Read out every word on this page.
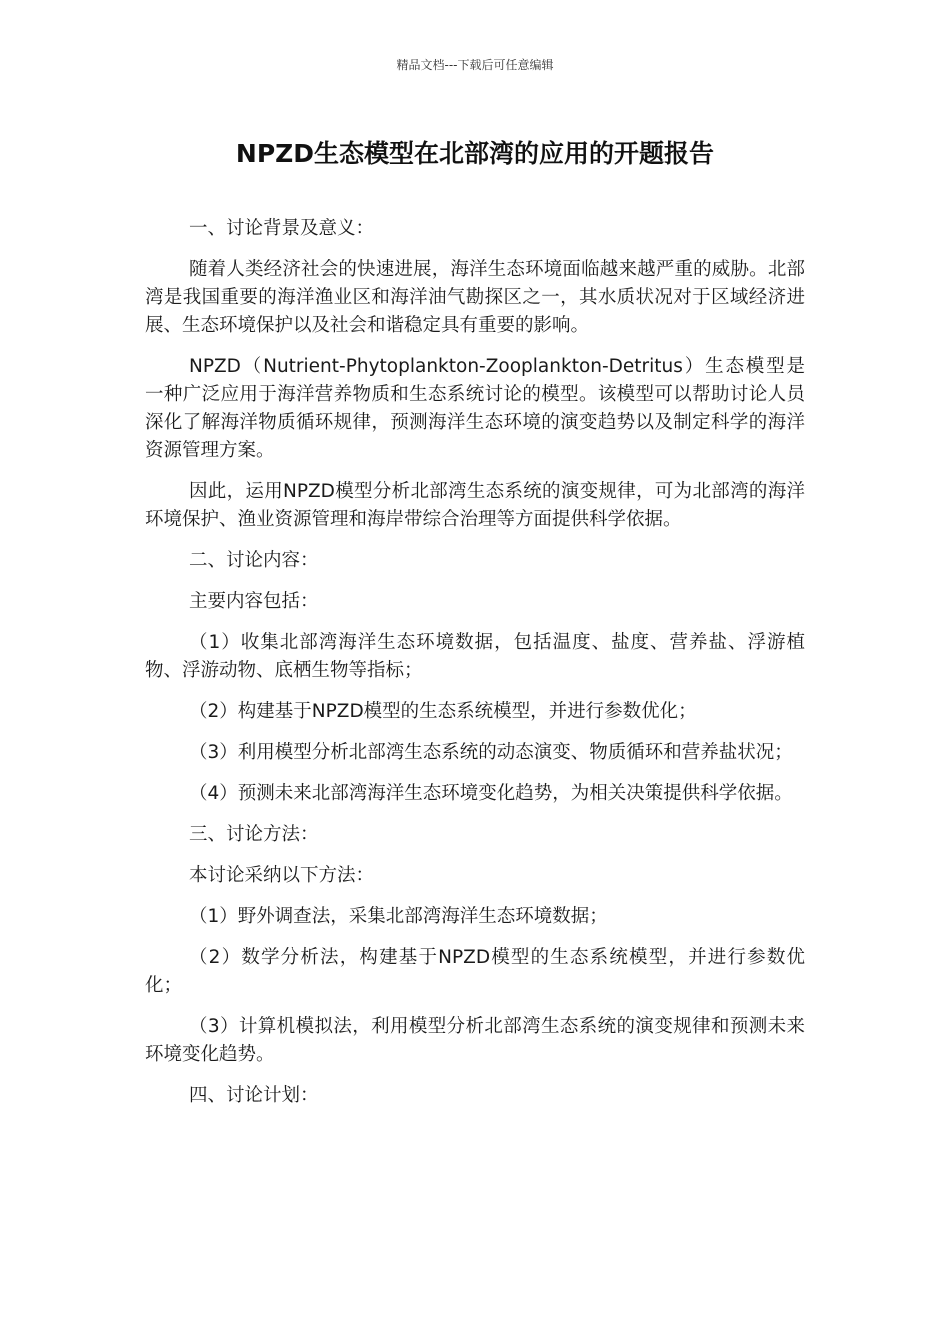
精品文档---下载后可任意编辑
NPZD生态模型在北部湾的应用的开题报告

一、讨论背景及意义：

随着人类经济社会的快速进展，海洋生态环境面临越来越严重的威胁。北部湾是我国重要的海洋渔业区和海洋油气勘探区之一，其水质状况对于区域经济进展、生态环境保护以及社会和谐稳定具有重要的影响。

NPZD（Nutrient-Phytoplankton-Zooplankton-Detritus）生态模型是一种广泛应用于海洋营养物质和生态系统讨论的模型。该模型可以帮助讨论人员深化了解海洋物质循环规律，预测海洋生态环境的演变趋势以及制定科学的海洋资源管理方案。

因此，运用NPZD模型分析北部湾生态系统的演变规律，可为北部湾的海洋环境保护、渔业资源管理和海岸带综合治理等方面提供科学依据。

二、讨论内容：

主要内容包括：

（1）收集北部湾海洋生态环境数据，包括温度、盐度、营养盐、浮游植物、浮游动物、底栖生物等指标；

（2）构建基于NPZD模型的生态系统模型，并进行参数优化；

（3）利用模型分析北部湾生态系统的动态演变、物质循环和营养盐状况；

（4）预测未来北部湾海洋生态环境变化趋势，为相关决策提供科学依据。

三、讨论方法：

本讨论采纳以下方法：

（1）野外调查法，采集北部湾海洋生态环境数据；

（2）数学分析法，构建基于NPZD模型的生态系统模型，并进行参数优化；

（3）计算机模拟法，利用模型分析北部湾生态系统的演变规律和预测未来环境变化趋势。

四、讨论计划：
